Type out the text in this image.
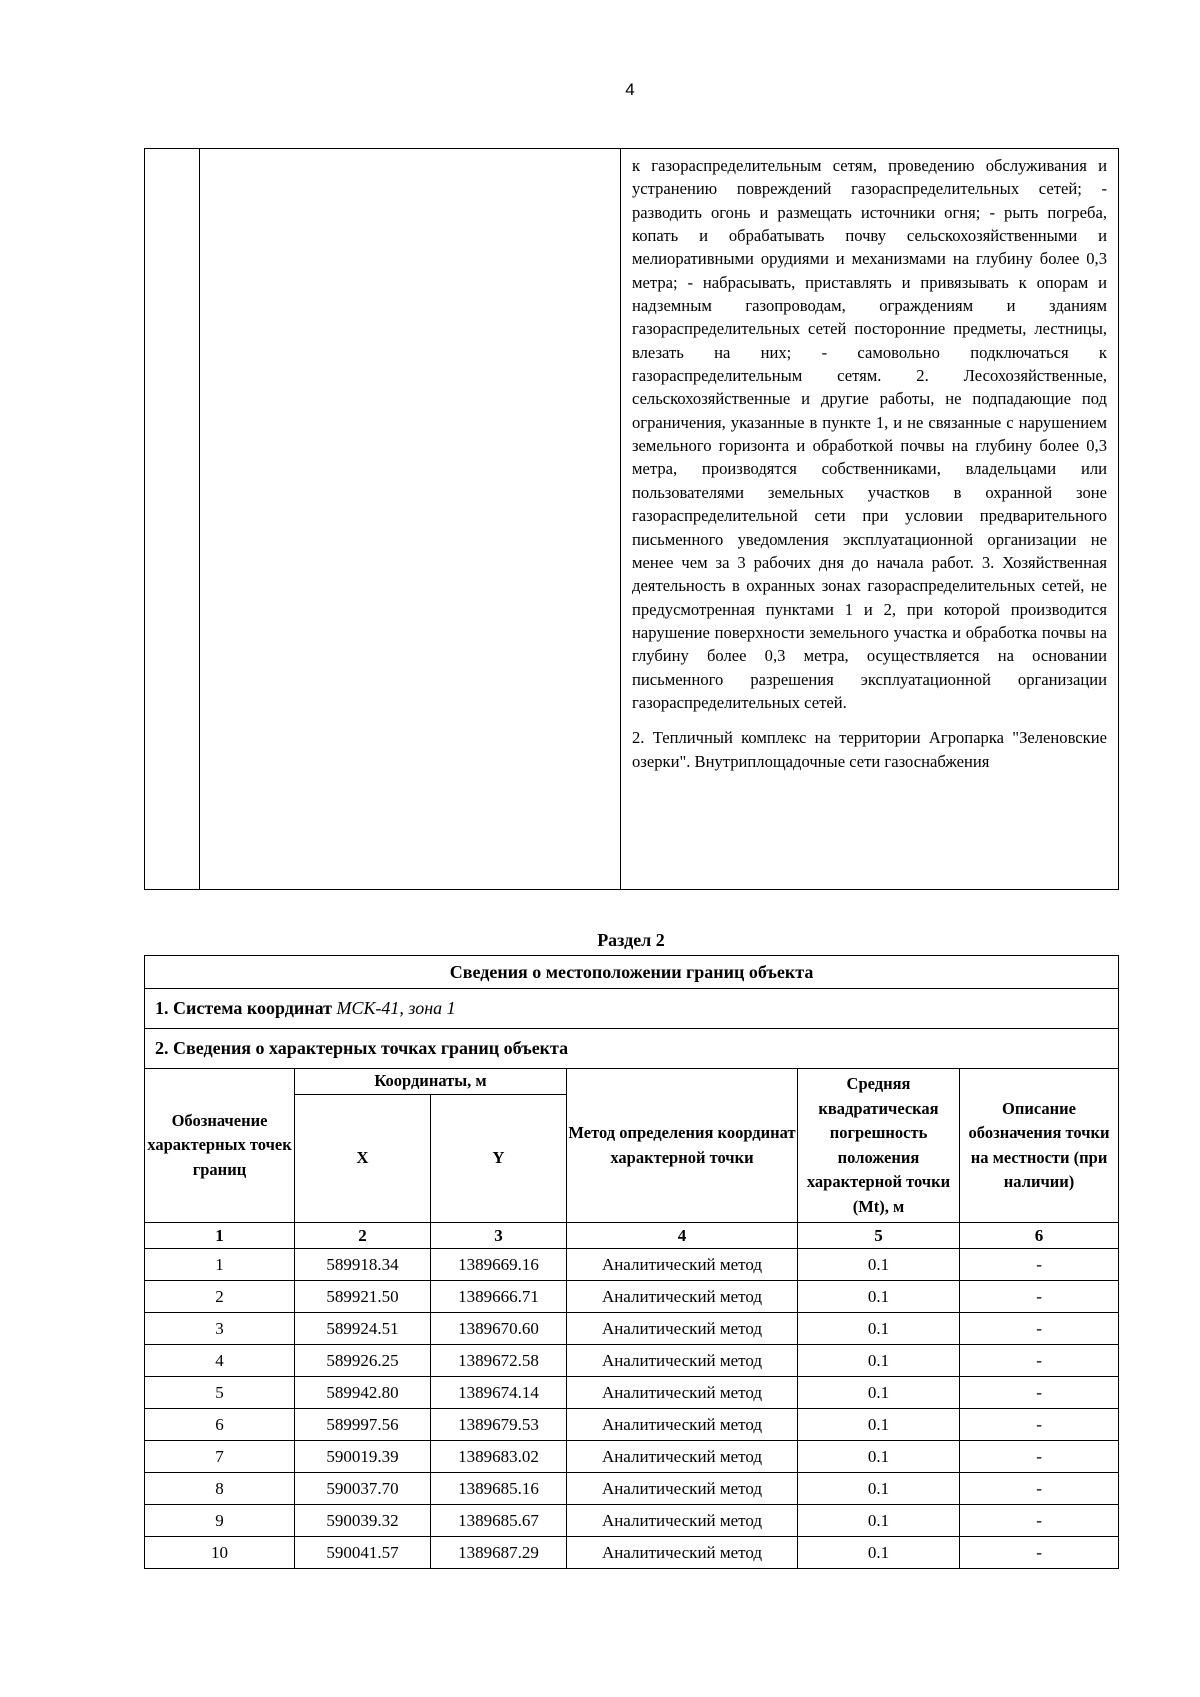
4

к газораспределительным сетям, проведению обслуживания и устранению повреждений газораспределительных сетей; - разводить огонь и размещать источники огня; - рыть погреба, копать и обрабатывать почву сельскохозяйственными и мелиоративными орудиями и механизмами на глубину более 0,3 метра; - набрасывать, приставлять и привязывать к опорам и надземным газопроводам, ограждениям и зданиям газораспределительных сетей посторонние предметы, лестницы, влезать на них; - самовольно подключаться к газораспределительным сетям. 2. Лесохозяйственные, сельскохозяйственные и другие работы, не подпадающие под ограничения, указанные в пункте 1, и не связанные с нарушением земельного горизонта и обработкой почвы на глубину более 0,3 метра, производятся собственниками, владельцами или пользователями земельных участков в охранной зоне газораспределительной сети при условии предварительного письменного уведомления эксплуатационной организации не менее чем за 3 рабочих дня до начала работ. 3. Хозяйственная деятельность в охранных зонах газораспределительных сетей, не предусмотренная пунктами 1 и 2, при которой производится нарушение поверхности земельного участка и обработка почвы на глубину более 0,3 метра, осуществляется на основании письменного разрешения эксплуатационной организации газораспределительных сетей.

2. Тепличный комплекс на территории Агропарка "Зеленовские озерки". Внутриплощадочные сети газоснабжения

Раздел 2
Сведения о местоположении границ объекта					
1. Система координат МСК-41, зона 1					
2. Сведения о характерных точках границ объекта					
Обозначение характерных точек границ	Координаты, м		Метод определения координат характерной точки	Средняя квадратическая погрешность положения характерной точки (Mt), м	Описание обозначения точки на местности (при наличии)
	X	Y			
1	2	3	4	5	6
1	589918.34	1389669.16	Аналитический метод	0.1	-
2	589921.50	1389666.71	Аналитический метод	0.1	-
3	589924.51	1389670.60	Аналитический метод	0.1	-
4	589926.25	1389672.58	Аналитический метод	0.1	-
5	589942.80	1389674.14	Аналитический метод	0.1	-
6	589997.56	1389679.53	Аналитический метод	0.1	-
7	590019.39	1389683.02	Аналитический метод	0.1	-
8	590037.70	1389685.16	Аналитический метод	0.1	-
9	590039.32	1389685.67	Аналитический метод	0.1	-
10	590041.57	1389687.29	Аналитический метод	0.1	-
